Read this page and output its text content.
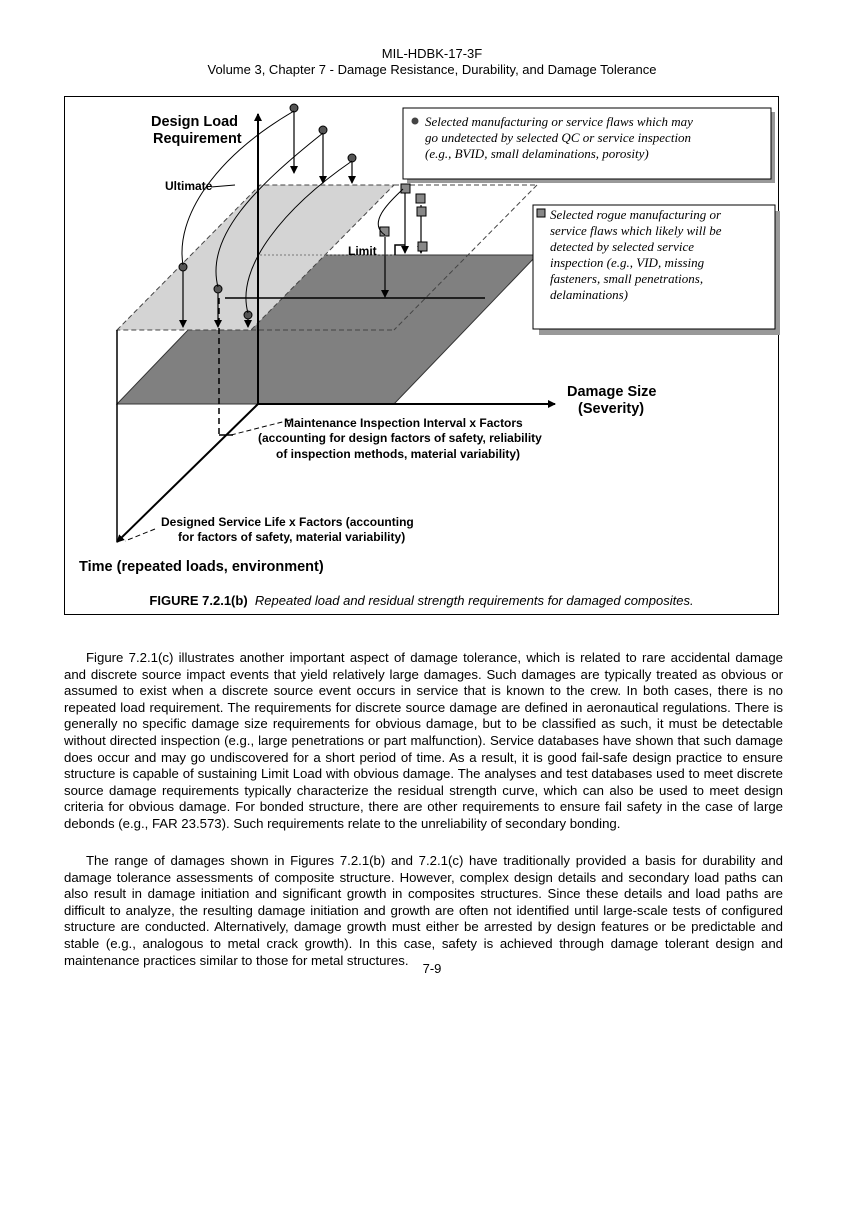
MIL-HDBK-17-3F
Volume 3, Chapter 7 - Damage Resistance, Durability, and Damage Tolerance
Selected manufacturing or service flaws which may
go undetected by selected QC or service inspection
(e.g., BVID, small delaminations, porosity)
Selected rogue manufacturing or
service flaws which likely will be
detected by selected service
inspection (e.g., VID, missing
fasteners, small penetrations,
delaminations)
Design Load
Requirement
Ultimate
Limit
Damage Size
(Severity)
Maintenance Inspection Interval x Factors
(accounting for design factors of safety, reliability
of inspection methods, material variability)
Designed Service Life x Factors (accounting
for factors of safety, material variability)
Time (repeated loads, environment)
FIGURE 7.2.1(b) Repeated load and residual strength requirements for damaged composites.

Figure 7.2.1(c) illustrates another important aspect of damage tolerance, which is related to rare accidental damage and discrete source impact events that yield relatively large damages. Such damages are typically treated as obvious or assumed to exist when a discrete source event occurs in service that is known to the crew. In both cases, there is no repeated load requirement. The requirements for discrete source damage are defined in aeronautical regulations. There is generally no specific damage size requirements for obvious damage, but to be classified as such, it must be detectable without directed inspection (e.g., large penetrations or part malfunction). Service databases have shown that such damage does occur and may go undiscovered for a short period of time. As a result, it is good fail-safe design practice to ensure structure is capable of sustaining Limit Load with obvious damage. The analyses and test databases used to meet discrete source damage requirements typically characterize the residual strength curve, which can also be used to meet design criteria for obvious damage. For bonded structure, there are other requirements to ensure fail safety in the case of large debonds (e.g., FAR 23.573). Such requirements relate to the unreliability of secondary bonding.

The range of damages shown in Figures 7.2.1(b) and 7.2.1(c) have traditionally provided a basis for durability and damage tolerance assessments of composite structure. However, complex design details and secondary load paths can also result in damage initiation and significant growth in composites structures. Since these details and load paths are difficult to analyze, the resulting damage initiation and growth are often not identified until large-scale tests of configured structure are conducted. Alternatively, damage growth must either be arrested by design features or be predictable and stable (e.g., analogous to metal crack growth). In this case, safety is achieved through damage tolerant design and maintenance practices similar to those for metal structures.

7-9
